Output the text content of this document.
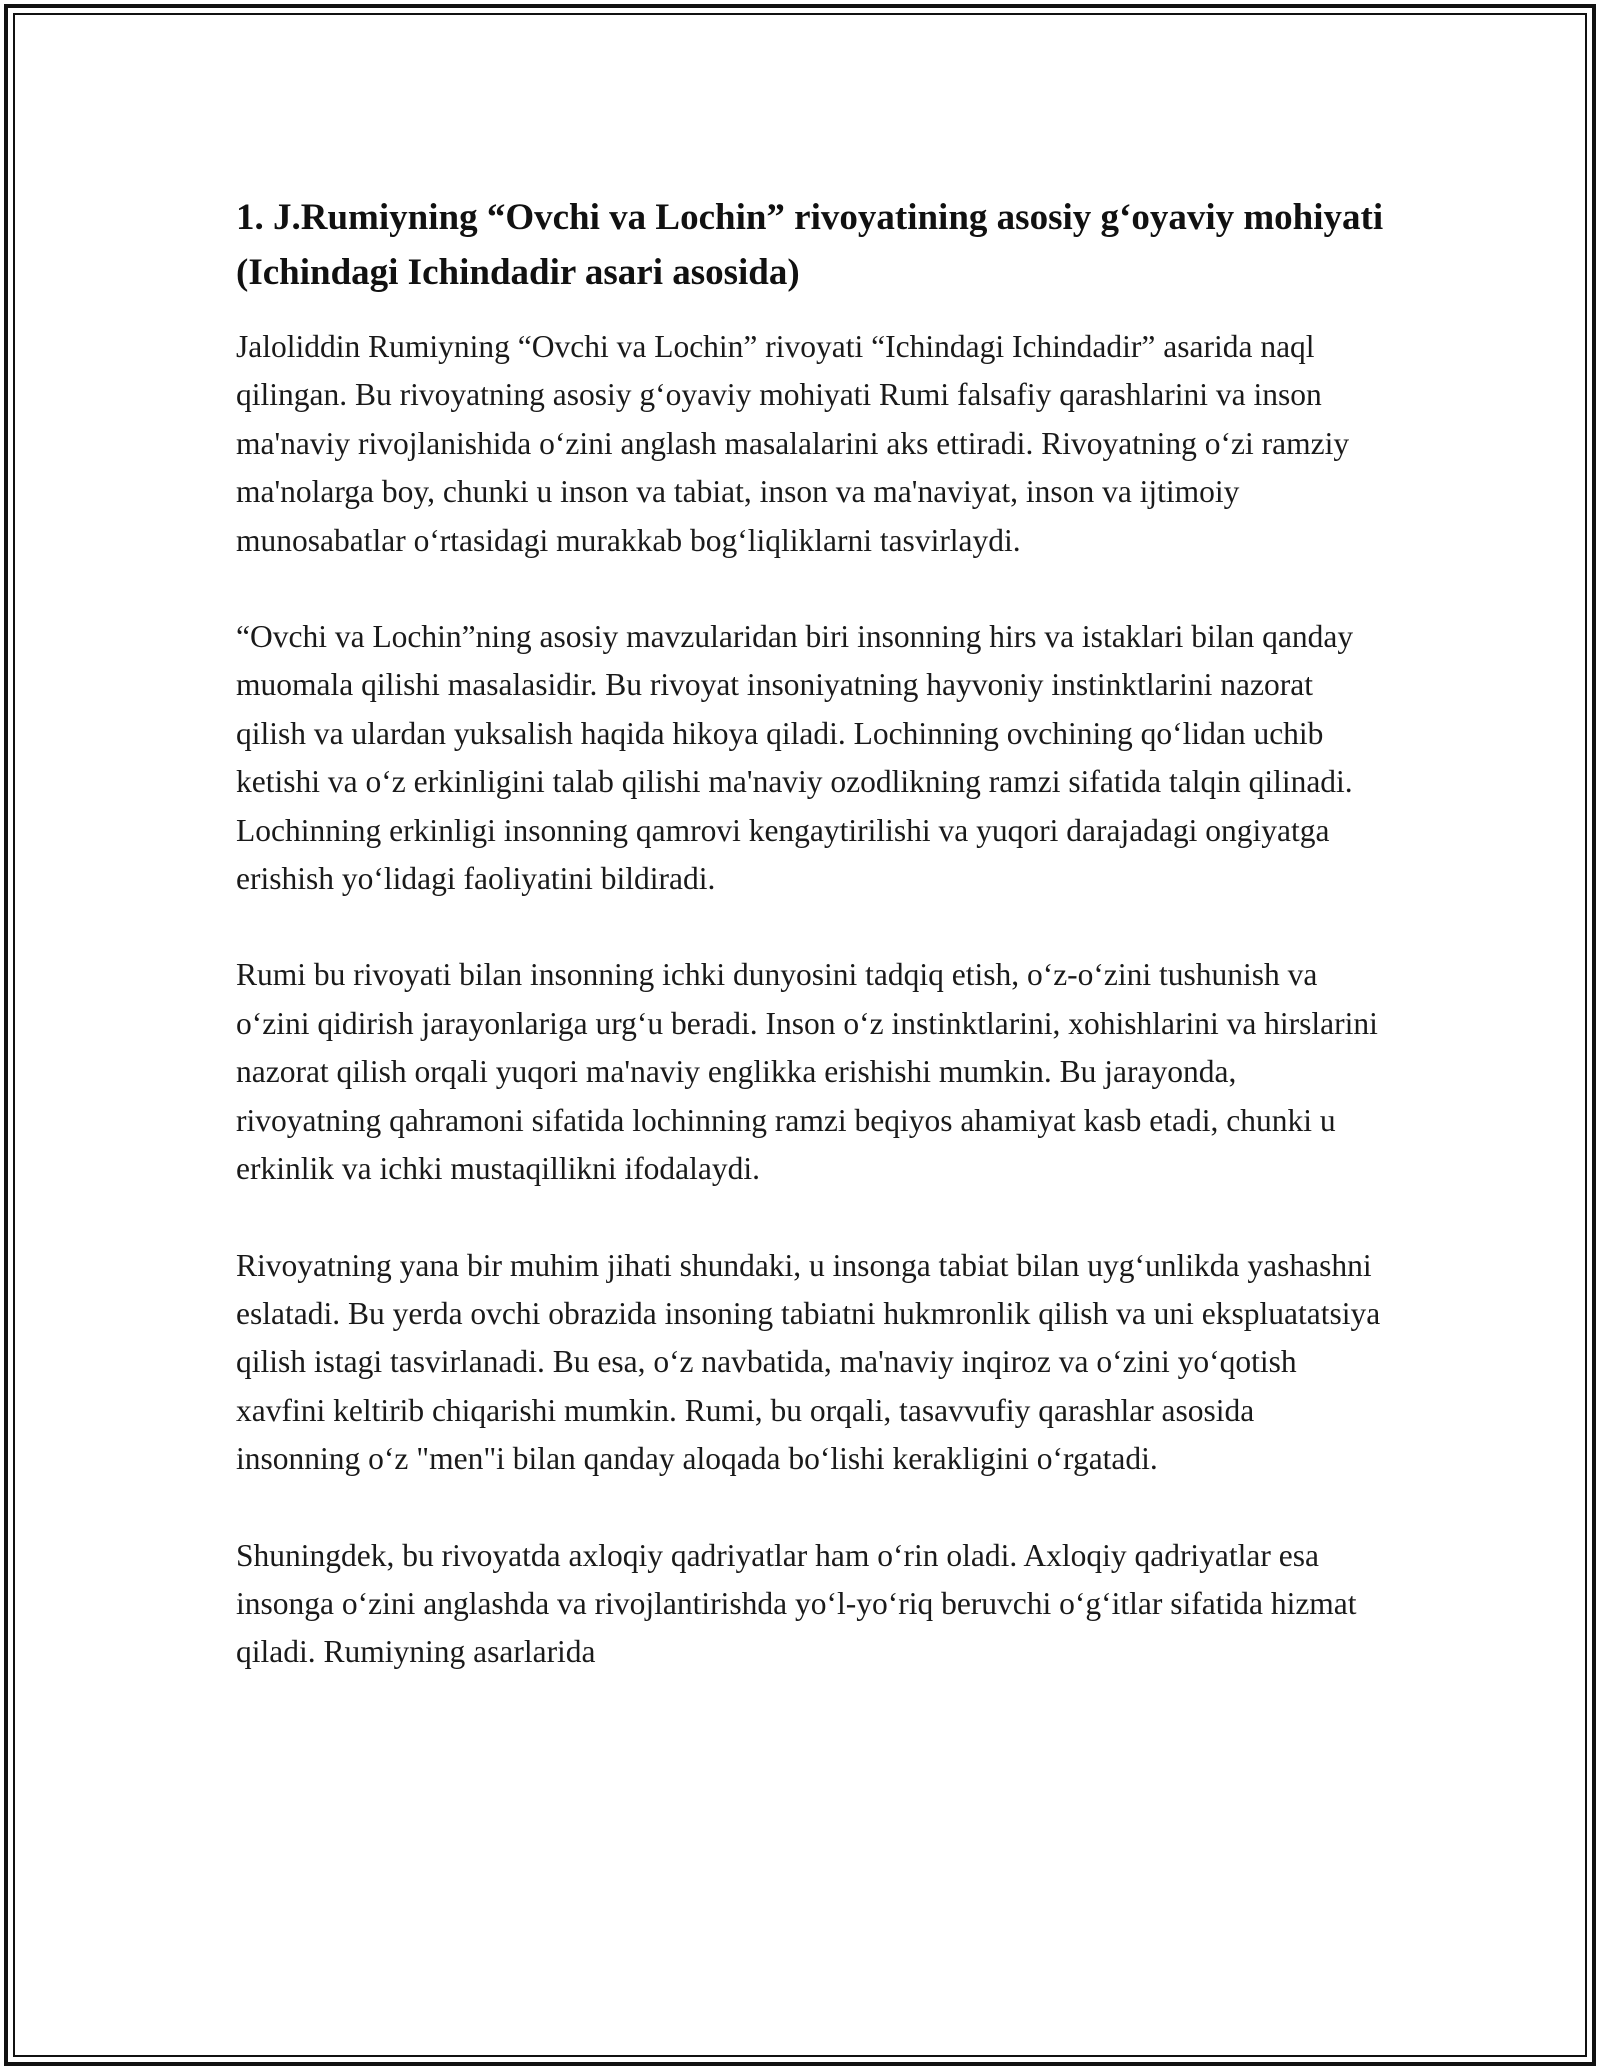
1. J.Rumiyning “Ovchi va Lochin” rivoyatining asosiy g‘oyaviy mohiyati (Ichindagi Ichindadir asari asosida)

Jaloliddin Rumiyning “Ovchi va Lochin” rivoyati “Ichindagi Ichindadir” asarida naql qilingan. Bu rivoyatning asosiy g‘oyaviy mohiyati Rumi falsafiy qarashlarini va inson ma'naviy rivojlanishida o‘zini anglash masalalarini aks ettiradi. Rivoyatning o‘zi ramziy ma'nolarga boy, chunki u inson va tabiat, inson va ma'naviyat, inson va ijtimoiy munosabatlar o‘rtasidagi murakkab bog‘liqliklarni tasvirlaydi.

“Ovchi va Lochin”ning asosiy mavzularidan biri insonning hirs va istaklari bilan qanday muomala qilishi masalasidir. Bu rivoyat insoniyatning hayvoniy instinktlarini nazorat qilish va ulardan yuksalish haqida hikoya qiladi. Lochinning ovchining qo‘lidan uchib ketishi va o‘z erkinligini talab qilishi ma'naviy ozodlikning ramzi sifatida talqin qilinadi. Lochinning erkinligi insonning qamrovi kengaytirilishi va yuqori darajadagi ongiyatga erishish yo‘lidagi faoliyatini bildiradi.

Rumi bu rivoyati bilan insonning ichki dunyosini tadqiq etish, o‘z-o‘zini tushunish va o‘zini qidirish jarayonlariga urg‘u beradi. Inson o‘z instinktlarini, xohishlarini va hirslarini nazorat qilish orqali yuqori ma'naviy englikka erishishi mumkin. Bu jarayonda, rivoyatning qahramoni sifatida lochinning ramzi beqiyos ahamiyat kasb etadi, chunki u erkinlik va ichki mustaqillikni ifodalaydi.

Rivoyatning yana bir muhim jihati shundaki, u insonga tabiat bilan uyg‘unlikda yashashni eslatadi. Bu yerda ovchi obrazida insoning tabiatni hukmronlik qilish va uni ekspluatatsiya qilish istagi tasvirlanadi. Bu esa, o‘z navbatida, ma'naviy inqiroz va o‘zini yo‘qotish xavfini keltirib chiqarishi mumkin. Rumi, bu orqali, tasavvufiy qarashlar asosida insonning o‘z "men"i bilan qanday aloqada bo‘lishi kerakligini o‘rgatadi.

Shuningdek, bu rivoyatda axloqiy qadriyatlar ham o‘rin oladi. Axloqiy qadriyatlar esa insonga o‘zini anglashda va rivojlantirishda yo‘l-yo‘riq beruvchi o‘g‘itlar sifatida hizmat qiladi. Rumiyning asarlarida
